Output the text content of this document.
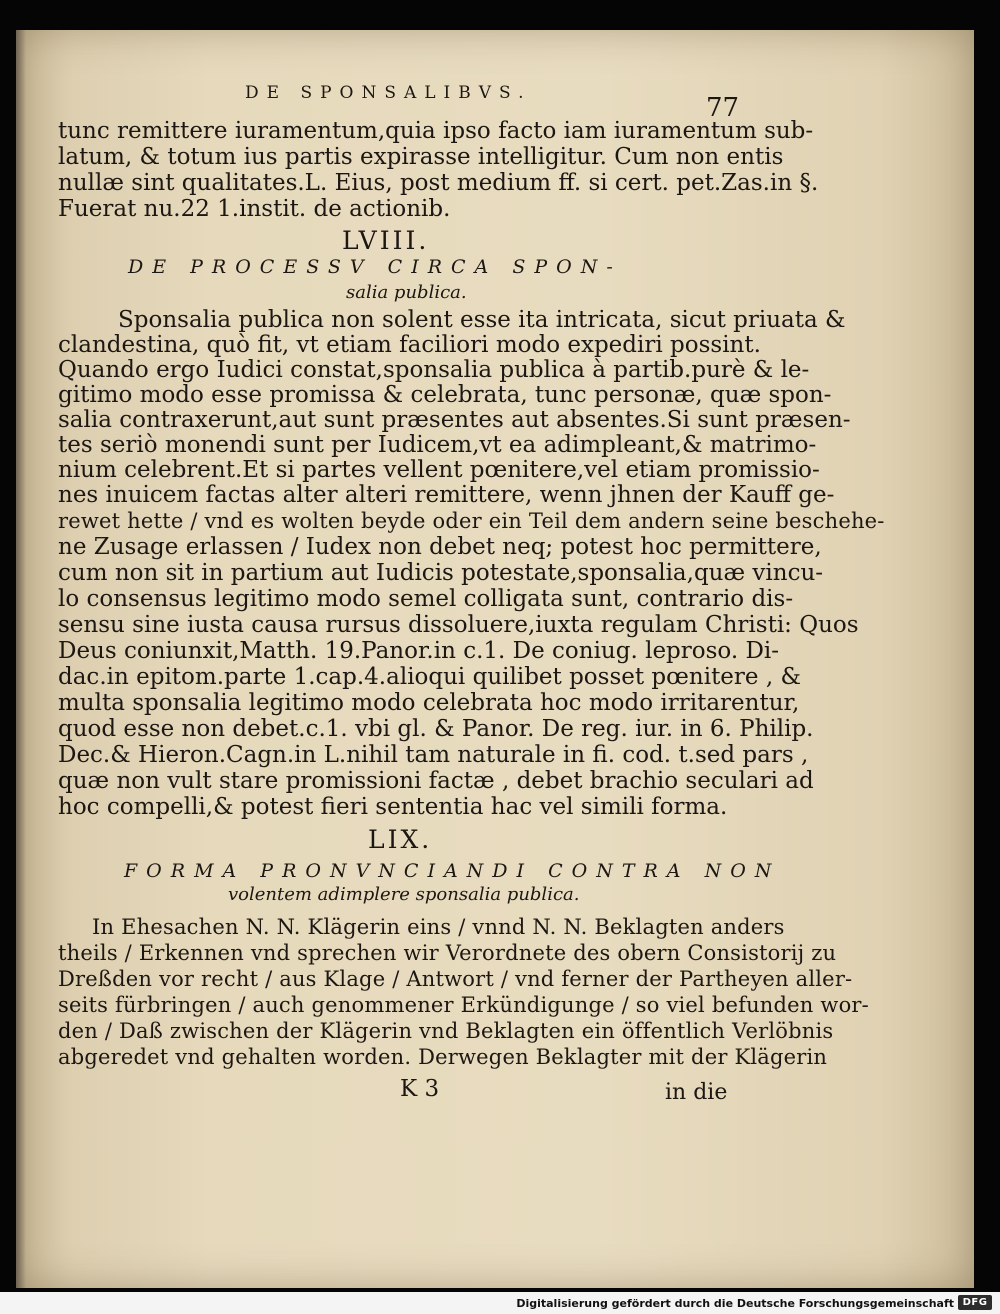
DE SPONSALIBVS.	77
tunc remittere iuramentum,quia ipso facto iam iuramentum sub-
latum, & totum ius partis expirasse intelligitur. Cum non entis
nullæ sint qualitates.L. Eius, post medium ff. si cert. pet.Zas.in §.
Fuerat nu.22 1.instit. de actionib.
LVIII.
DE PROCESSV CIRCA SPON-
salia publica.
Sponsalia publica non solent esse ita intricata, sicut priuata &
clandestina, quò fit, vt etiam faciliori modo expediri possint.
Quando ergo Iudici constat,sponsalia publica à partib.purè & le-
gitimo modo esse promissa & celebrata, tunc personæ, quæ spon-
salia contraxerunt,aut sunt præsentes aut absentes.Si sunt præsen-
tes seriò monendi sunt per Iudicem,vt ea adimpleant,& matrimo-
nium celebrent.Et si partes vellent pœnitere,vel etiam promissio-
nes inuicem factas alter alteri remittere, wenn jhnen der Kauff ge-
rewet hette / vnd es wolten beyde oder ein Teil dem andern seine beschehe-
ne Zusage erlassen / Iudex non debet neq; potest hoc permittere,
cum non sit in partium aut Iudicis potestate,sponsalia,quæ vincu-
lo consensus legitimo modo semel colligata sunt, contrario dis-
sensu sine iusta causa rursus dissoluere,iuxta regulam Christi: Quos
Deus coniunxit,Matth. 19.Panor.in c.1. De coniug. leproso. Di-
dac.in epitom.parte 1.cap.4.alioqui quilibet posset pœnitere , &
multa sponsalia legitimo modo celebrata hoc modo irritarentur,
quod esse non debet.c.1. vbi gl. & Panor. De reg. iur. in 6. Philip.
Dec.& Hieron.Cagn.in L.nihil tam naturale in fi. cod. t.sed pars ,
quæ non vult stare promissioni factæ , debet brachio seculari ad
hoc compelli,& potest fieri sententia hac vel simili forma.
LIX.
FORMA PRONVNCIANDI CONTRA NON
volentem adimplere sponsalia publica.
In Ehesachen N. N. Klägerin eins / vnnd N. N. Beklagten anders
theils / Erkennen vnd sprechen wir Verordnete des obern Consistorij zu
Dreßden vor recht / aus Klage / Antwort / vnd ferner der Partheyen aller-
seits fürbringen / auch genommener Erkündigunge / so viel befunden wor-
den / Daß zwischen der Klägerin vnd Beklagten ein öffentlich Verlöbnis
abgeredet vnd gehalten worden. Derwegen Beklagter mit der Klägerin
K 3	in die
Digitalisierung gefördert durch die Deutsche Forschungsgemeinschaft DFG
